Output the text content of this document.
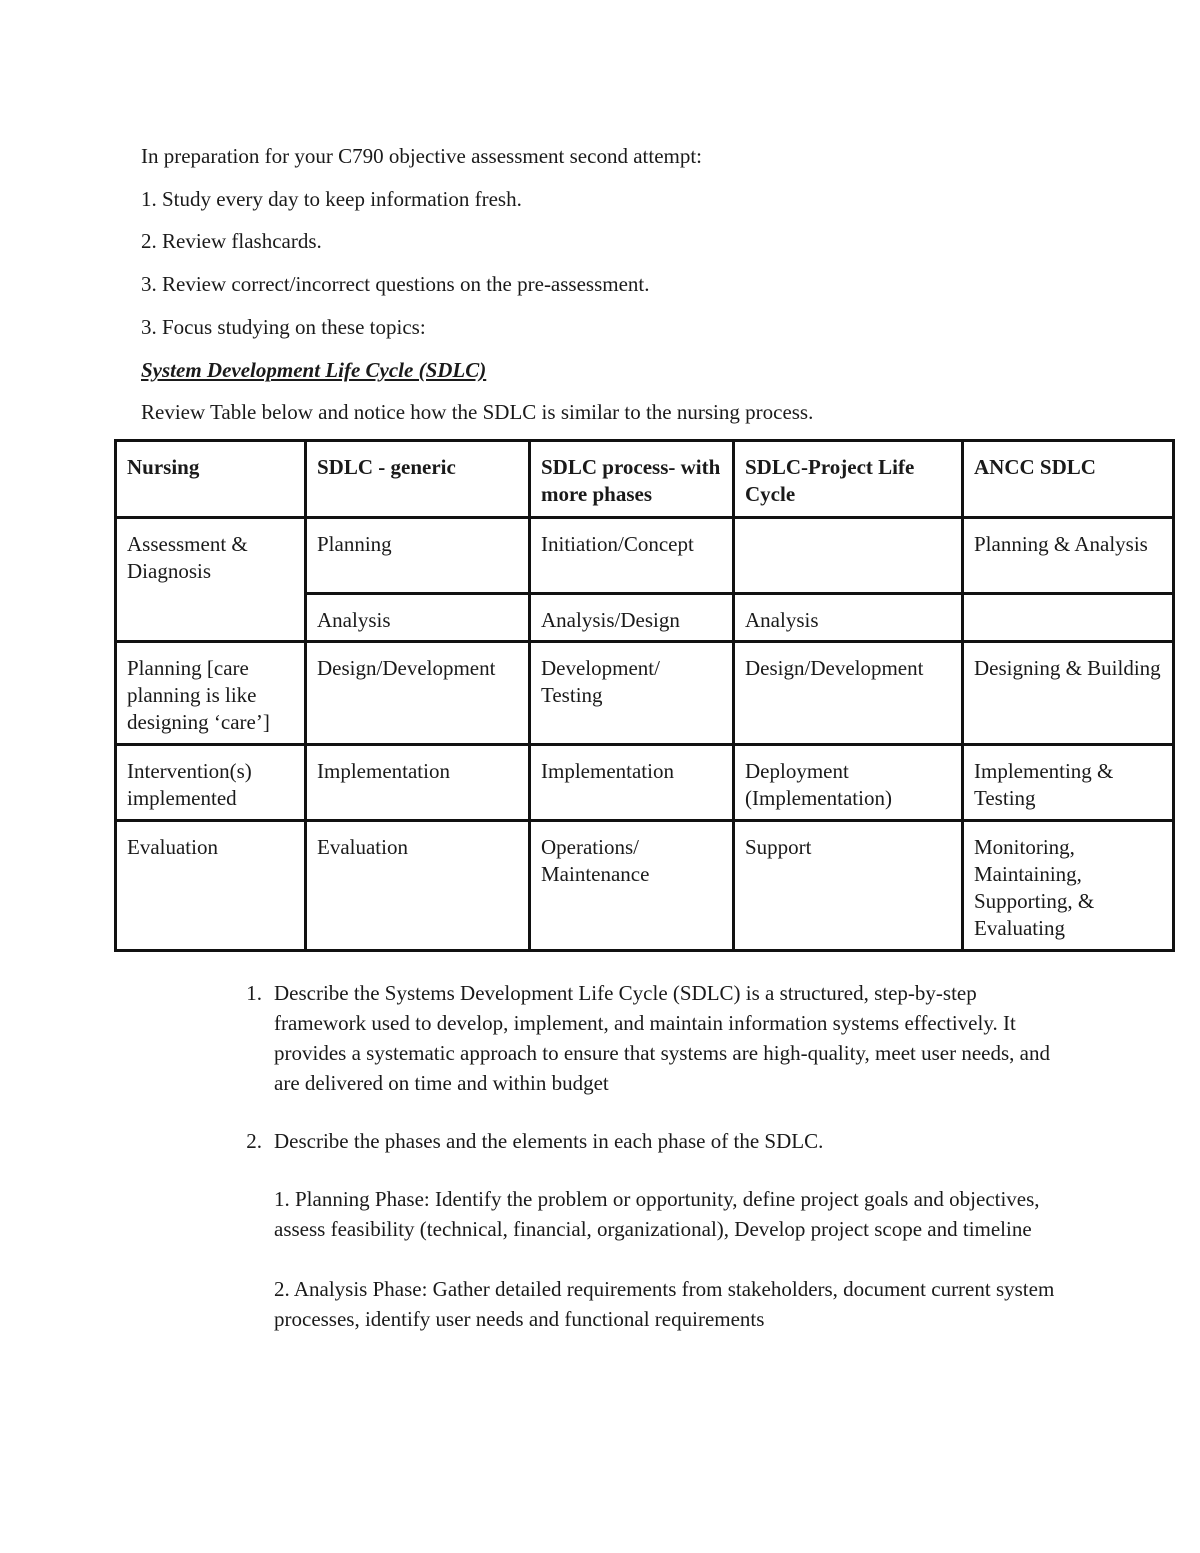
In preparation for your C790 objective assessment second attempt:
1. Study every day to keep information fresh.
2. Review flashcards.
3. Review correct/incorrect questions on the pre-assessment.
3. Focus studying on these topics:
System Development Life Cycle (SDLC)
Review Table below and notice how the SDLC is similar to the nursing process.
Nursing	SDLC - generic	SDLC process- with more phases	SDLC-Project Life Cycle	ANCC SDLC
Assessment & Diagnosis	Planning	Initiation/Concept		Planning & Analysis
	Analysis	Analysis/Design	Analysis	
Planning [care planning is like designing ‘care’]	Design/Development	Development/ Testing	Design/Development	Designing & Building
Intervention(s) implemented	Implementation	Implementation	Deployment (Implementation)	Implementing & Testing
Evaluation	Evaluation	Operations/ Maintenance	Support	Monitoring, Maintaining, Supporting, & Evaluating
1. Describe the Systems Development Life Cycle (SDLC) is a structured, step-by-step framework used to develop, implement, and maintain information systems effectively. It provides a systematic approach to ensure that systems are high-quality, meet user needs, and are delivered on time and within budget
2. Describe the phases and the elements in each phase of the SDLC.
1. Planning Phase: Identify the problem or opportunity, define project goals and objectives, assess feasibility (technical, financial, organizational), Develop project scope and timeline
2. Analysis Phase: Gather detailed requirements from stakeholders, document current system processes, identify user needs and functional requirements
